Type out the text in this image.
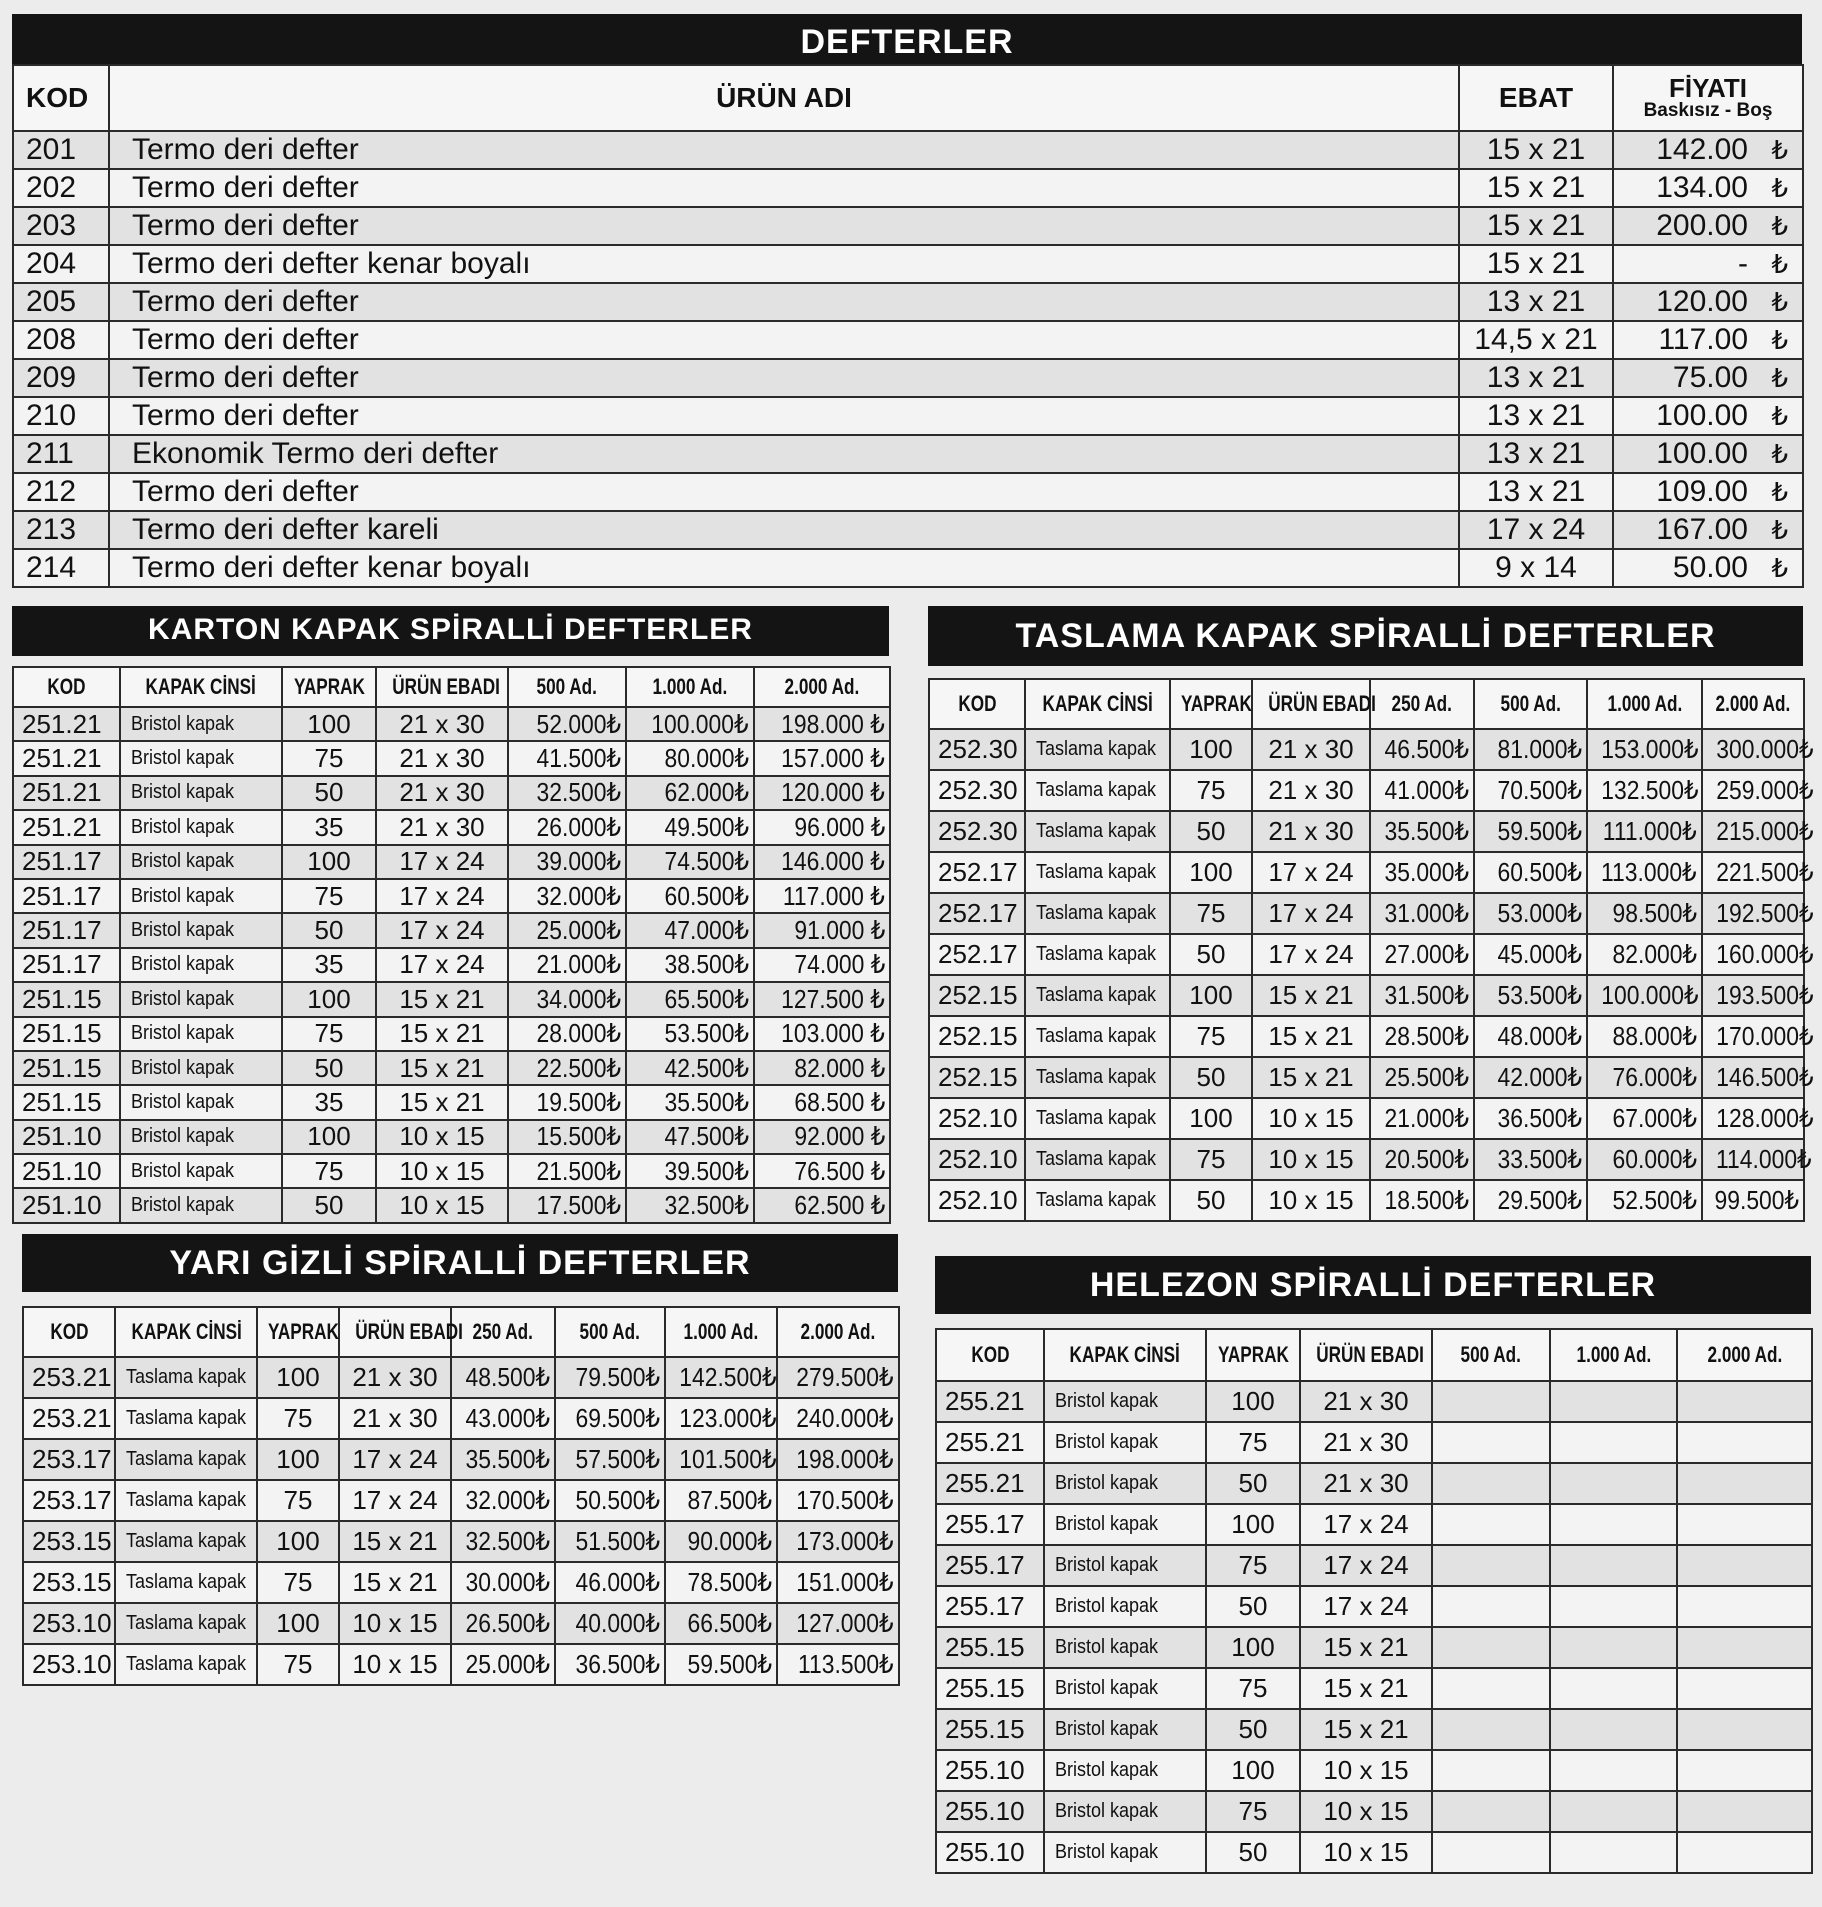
DEFTERLER
KOD	ÜRÜN ADI	EBAT	FİYATI
Baskısız - Boş

201	Termo deri defter	15 x 21	142.00 ₺

202	Termo deri defter	15 x 21	134.00 ₺

203	Termo deri defter	15 x 21	200.00 ₺

204	Termo deri defter kenar boyalı	15 x 21	- ₺

205	Termo deri defter	13 x 21	120.00 ₺

208	Termo deri defter	14,5 x 21	117.00 ₺

209	Termo deri defter	13 x 21	75.00 ₺

210	Termo deri defter	13 x 21	100.00 ₺

211	Ekonomik Termo deri defter	13 x 21	100.00 ₺

212	Termo deri defter	13 x 21	109.00 ₺

213	Termo deri defter kareli	17 x 24	167.00 ₺

214	Termo deri defter kenar boyalı	9 x 14	50.00 ₺
KARTON KAPAK SPİRALLİ DEFTERLER
KOD	KAPAK CİNSİ	YAPRAK	ÜRÜN EBADI	500 Ad.	1.000 Ad.	2.000 Ad.
251.21	Bristol kapak	100	21 x 30	52.000₺	100.000₺	198.000 ₺
251.21	Bristol kapak	75	21 x 30	41.500₺	80.000₺	157.000 ₺
251.21	Bristol kapak	50	21 x 30	32.500₺	62.000₺	120.000 ₺
251.21	Bristol kapak	35	21 x 30	26.000₺	49.500₺	96.000 ₺
251.17	Bristol kapak	100	17 x 24	39.000₺	74.500₺	146.000 ₺
251.17	Bristol kapak	75	17 x 24	32.000₺	60.500₺	117.000 ₺
251.17	Bristol kapak	50	17 x 24	25.000₺	47.000₺	91.000 ₺
251.17	Bristol kapak	35	17 x 24	21.000₺	38.500₺	74.000 ₺
251.15	Bristol kapak	100	15 x 21	34.000₺	65.500₺	127.500 ₺
251.15	Bristol kapak	75	15 x 21	28.000₺	53.500₺	103.000 ₺
251.15	Bristol kapak	50	15 x 21	22.500₺	42.500₺	82.000 ₺
251.15	Bristol kapak	35	15 x 21	19.500₺	35.500₺	68.500 ₺
251.10	Bristol kapak	100	10 x 15	15.500₺	47.500₺	92.000 ₺
251.10	Bristol kapak	75	10 x 15	21.500₺	39.500₺	76.500 ₺
251.10	Bristol kapak	50	10 x 15	17.500₺	32.500₺	62.500 ₺
TASLAMA KAPAK SPİRALLİ DEFTERLER
KOD	KAPAK CİNSİ	YAPRAK	ÜRÜN EBADI	250 Ad.	500 Ad.	1.000 Ad.	2.000 Ad.
252.30	Taslama kapak	100	21 x 30	46.500₺	81.000₺	153.000₺	300.000₺
252.30	Taslama kapak	75	21 x 30	41.000₺	70.500₺	132.500₺	259.000₺
252.30	Taslama kapak	50	21 x 30	35.500₺	59.500₺	111.000₺	215.000₺
252.17	Taslama kapak	100	17 x 24	35.000₺	60.500₺	113.000₺	221.500₺
252.17	Taslama kapak	75	17 x 24	31.000₺	53.000₺	98.500₺	192.500₺
252.17	Taslama kapak	50	17 x 24	27.000₺	45.000₺	82.000₺	160.000₺
252.15	Taslama kapak	100	15 x 21	31.500₺	53.500₺	100.000₺	193.500₺
252.15	Taslama kapak	75	15 x 21	28.500₺	48.000₺	88.000₺	170.000₺
252.15	Taslama kapak	50	15 x 21	25.500₺	42.000₺	76.000₺	146.500₺
252.10	Taslama kapak	100	10 x 15	21.000₺	36.500₺	67.000₺	128.000₺
252.10	Taslama kapak	75	10 x 15	20.500₺	33.500₺	60.000₺	114.000₺
252.10	Taslama kapak	50	10 x 15	18.500₺	29.500₺	52.500₺	99.500₺
YARI GİZLİ SPİRALLİ DEFTERLER
KOD	KAPAK CİNSİ	YAPRAK	ÜRÜN EBADI	250 Ad.	500 Ad.	1.000 Ad.	2.000 Ad.
253.21	Taslama kapak	100	21 x 30	48.500₺	79.500₺	142.500₺	279.500₺
253.21	Taslama kapak	75	21 x 30	43.000₺	69.500₺	123.000₺	240.000₺
253.17	Taslama kapak	100	17 x 24	35.500₺	57.500₺	101.500₺	198.000₺
253.17	Taslama kapak	75	17 x 24	32.000₺	50.500₺	87.500₺	170.500₺
253.15	Taslama kapak	100	15 x 21	32.500₺	51.500₺	90.000₺	173.000₺
253.15	Taslama kapak	75	15 x 21	30.000₺	46.000₺	78.500₺	151.000₺
253.10	Taslama kapak	100	10 x 15	26.500₺	40.000₺	66.500₺	127.000₺
253.10	Taslama kapak	75	10 x 15	25.000₺	36.500₺	59.500₺	113.500₺
HELEZON SPİRALLİ DEFTERLER
KOD	KAPAK CİNSİ	YAPRAK	ÜRÜN EBADI	500 Ad.	1.000 Ad.	2.000 Ad.
255.21	Bristol kapak	100	21 x 30			
255.21	Bristol kapak	75	21 x 30			
255.21	Bristol kapak	50	21 x 30			
255.17	Bristol kapak	100	17 x 24			
255.17	Bristol kapak	75	17 x 24			
255.17	Bristol kapak	50	17 x 24			
255.15	Bristol kapak	100	15 x 21			
255.15	Bristol kapak	75	15 x 21			
255.15	Bristol kapak	50	15 x 21			
255.10	Bristol kapak	100	10 x 15			
255.10	Bristol kapak	75	10 x 15			
255.10	Bristol kapak	50	10 x 15			
